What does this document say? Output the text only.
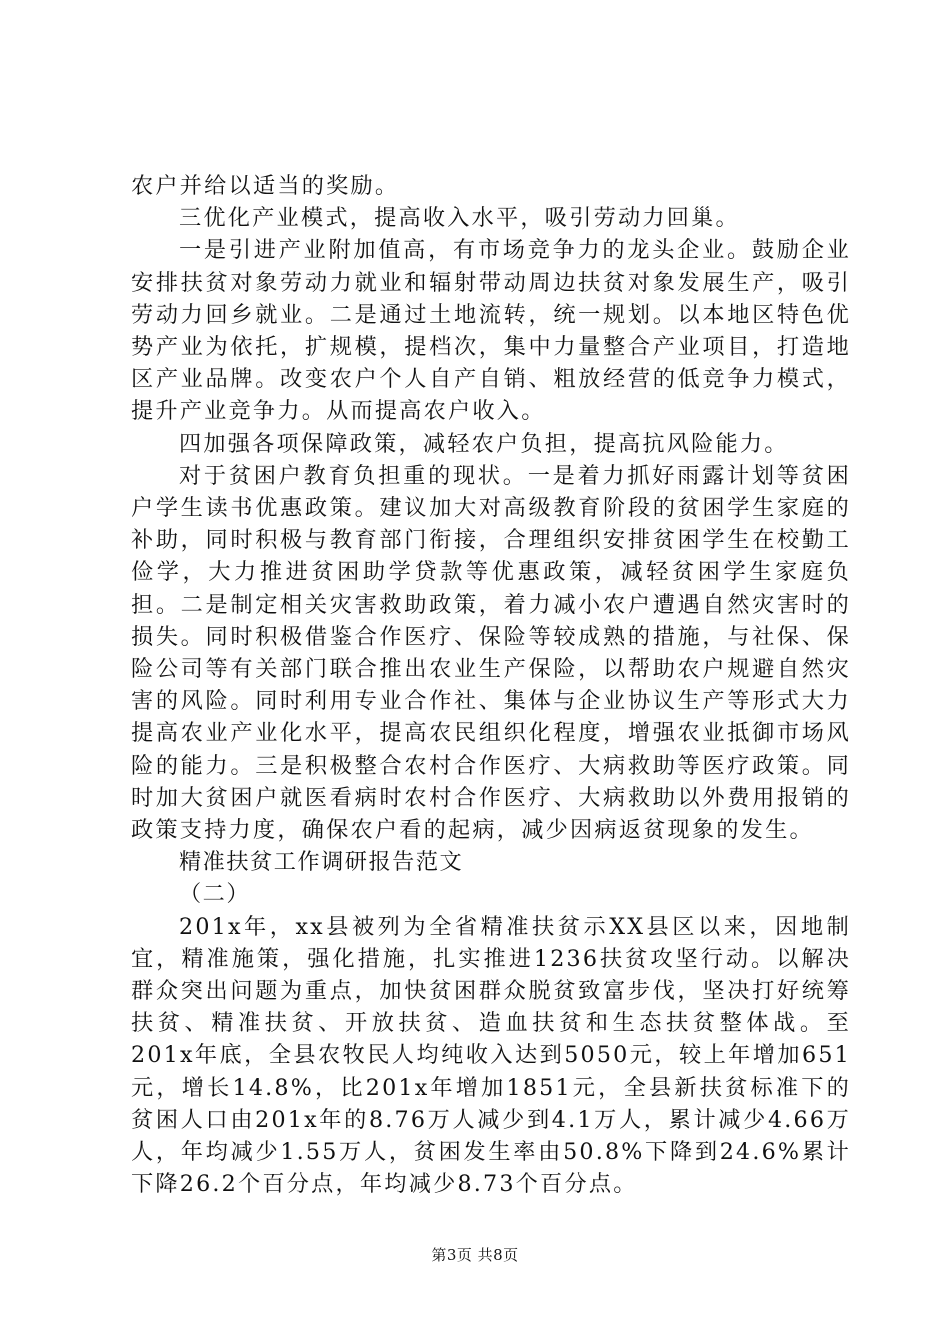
农户并给以适当的奖励。

三优化产业模式，提高收入水平，吸引劳动力回巢。

一是引进产业附加值高，有市场竞争力的龙头企业。鼓励企业安排扶贫对象劳动力就业和辐射带动周边扶贫对象发展生产，吸引劳动力回乡就业。二是通过土地流转，统一规划。以本地区特色优势产业为依托，扩规模，提档次，集中力量整合产业项目，打造地区产业品牌。改变农户个人自产自销、粗放经营的低竞争力模式，提升产业竞争力。从而提高农户收入。

四加强各项保障政策，减轻农户负担，提高抗风险能力。

对于贫困户教育负担重的现状。一是着力抓好雨露计划等贫困户学生读书优惠政策。建议加大对高级教育阶段的贫困学生家庭的补助，同时积极与教育部门衔接，合理组织安排贫困学生在校勤工俭学，大力推进贫困助学贷款等优惠政策，减轻贫困学生家庭负担。二是制定相关灾害救助政策，着力减小农户遭遇自然灾害时的损失。同时积极借鉴合作医疗、保险等较成熟的措施，与社保、保险公司等有关部门联合推出农业生产保险，以帮助农户规避自然灾害的风险。同时利用专业合作社、集体与企业协议生产等形式大力提高农业产业化水平，提高农民组织化程度，增强农业抵御市场风险的能力。三是积极整合农村合作医疗、大病救助等医疗政策。同时加大贫困户就医看病时农村合作医疗、大病救助以外费用报销的政策支持力度，确保农户看的起病，减少因病返贫现象的发生。

精准扶贫工作调研报告范文

（二）

201x年，xx县被列为全省精准扶贫示XX县区以来，因地制宜，精准施策，强化措施，扎实推进1236扶贫攻坚行动。以解决群众突出问题为重点，加快贫困群众脱贫致富步伐，坚决打好统筹扶贫、精准扶贫、开放扶贫、造血扶贫和生态扶贫整体战。至201x年底，全县农牧民人均纯收入达到5050元，较上年增加651元，增长14.8%，比201x年增加1851元，全县新扶贫标准下的贫困人口由201x年的8.76万人减少到4.1万人，累计减少4.66万人，年均减少1.55万人，贫困发生率由50.8%下降到24.6%累计下降26.2个百分点，年均减少8.73个百分点。

第3页 共8页
